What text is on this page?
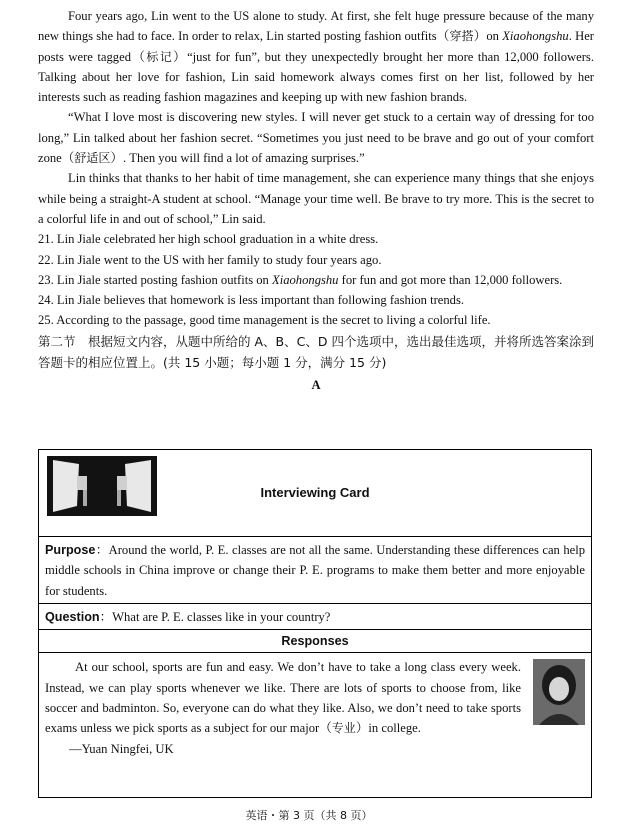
Four years ago, Lin went to the US alone to study. At first, she felt huge pressure because of the many new things she had to face. In order to relax, Lin started posting fashion outfits（穿搭）on Xiaohongshu. Her posts were tagged（标记）“just for fun”, but they unexpectedly brought her more than 12,000 followers. Talking about her love for fashion, Lin said homework always comes first on her list, followed by her interests such as reading fashion magazines and keeping up with new fashion brands.

“What I love most is discovering new styles. I will never get stuck to a certain way of dressing for too long,” Lin talked about her fashion secret. “Sometimes you just need to be brave and go out of your comfort zone（舒适区）. Then you will find a lot of amazing surprises.”

Lin thinks that thanks to her habit of time management, she can experience many things that she enjoys while being a straight-A student at school. “Manage your time well. Be brave to try more. This is the secret to a colorful life in and out of school,” Lin said.

21. Lin Jiale celebrated her high school graduation in a white dress.

22. Lin Jiale went to the US with her family to study four years ago.

23. Lin Jiale started posting fashion outfits on Xiaohongshu for fun and got more than 12,000 followers.

24. Lin Jiale believes that homework is less important than following fashion trends.

25. According to the passage, good time management is the secret to living a colorful life.

第二节　根据短文内容，从题中所给的 A、B、C、D 四个选项中，选出最佳选项，并将所选答案涂到答题卡的相应位置上。(共 15 小题；每小题 1 分，满分 15 分)

A
Interviewing Card

Purpose：Around the world, P. E. classes are not all the same. Understanding these differences can help middle schools in China improve or change their P. E. programs to make them better and more enjoyable for students.

Question：What are P. E. classes like in your country?

Responses

At our school, sports are fun and easy. We don’t have to take a long class every week. Instead, we can play sports whenever we like. There are lots of sports to choose from, like soccer and badminton. So, everyone can do what they like. Also, we don’t need to take sports exams unless we pick sports as a subject for our major（专业）in college.

—Yuan Ningfei, UK

英语・第 3 页（共 8 页）
